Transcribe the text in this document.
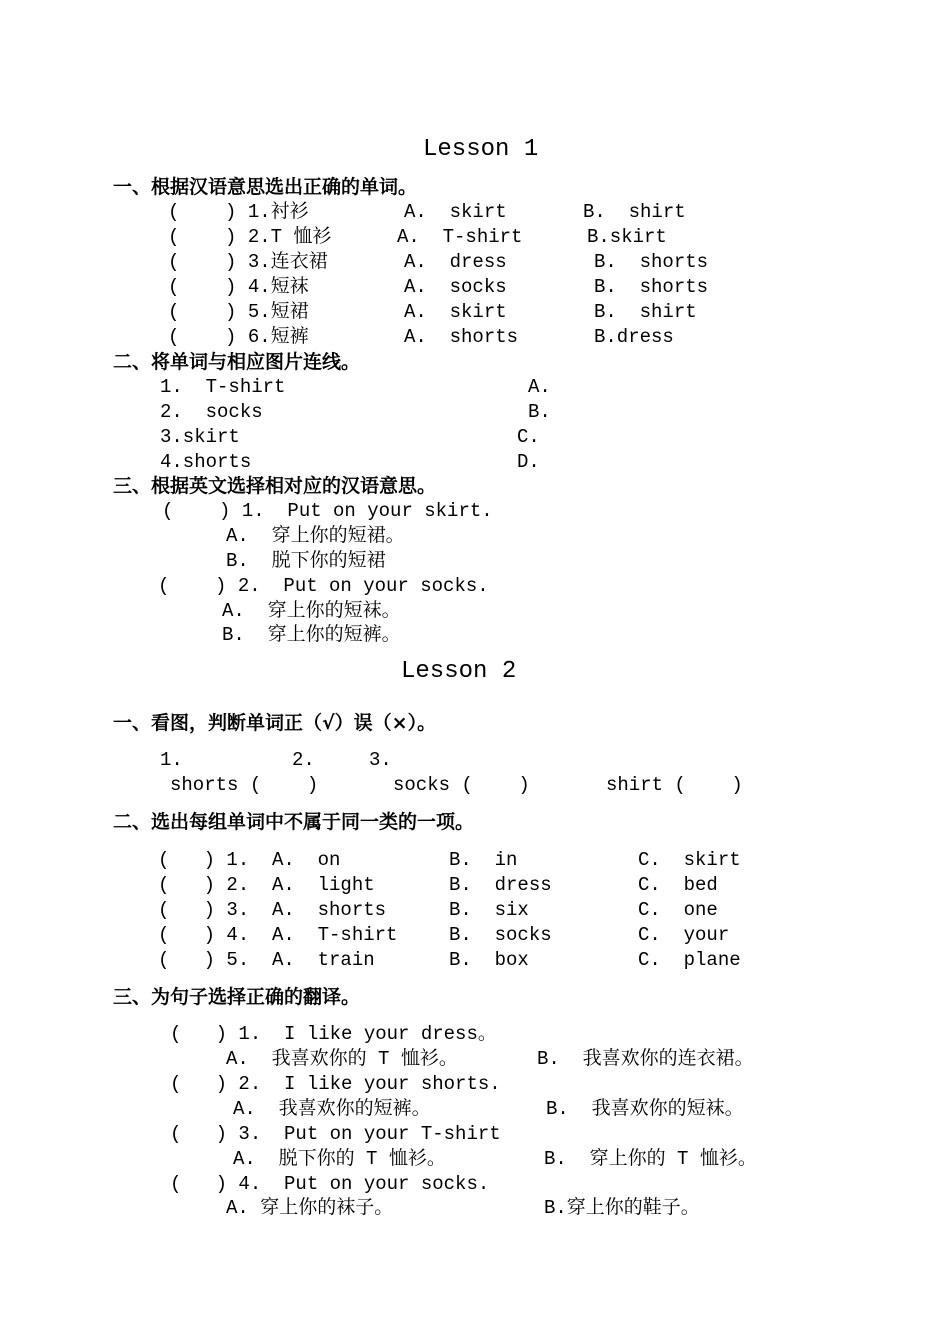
Lesson 1
一、根据汉语意思选出正确的单词。
(    ) 1.衬衫	A.  skirt	B.  shirt
(    ) 2.T 恤衫	A.  T-shirt	B.skirt
(    ) 3.连衣裙	A.  dress	B.  shorts
(    ) 4.短袜	A.  socks	B.  shorts
(    ) 5.短裙	A.  skirt	B.  shirt
(    ) 6.短裤	A.  shorts	B.dress
二、将单词与相应图片连线。
1.  T-shirt	A.
2.  socks	B.
3.skirt	C.
4.shorts	D.
三、根据英文选择相对应的汉语意思。
(    ) 1.  Put on your skirt.
A.  穿上你的短裙。
B.  脱下你的短裙
(    ) 2.  Put on your socks.
A.  穿上你的短袜。
B.  穿上你的短裤。
Lesson 2
一、看图，判断单词正（√）误（×）。
1.	2.	3.
shorts (    )	socks (    )	shirt (    )
二、选出每组单词中不属于同一类的一项。
(   ) 1.  A.  on	B.  in	C.  skirt
(   ) 2.  A.  light	B.  dress	C.  bed
(   ) 3.  A.  shorts	B.  six	C.  one
(   ) 4.  A.  T-shirt	B.  socks	C.  your
(   ) 5.  A.  train	B.  box	C.  plane
三、为句子选择正确的翻译。
(   ) 1.  I like your dress。
A.  我喜欢你的 T 恤衫。	B.  我喜欢你的连衣裙。
(   ) 2.  I like your shorts.
A.  我喜欢你的短裤。	B.  我喜欢你的短袜。
(   ) 3.  Put on your T-shirt
A.  脱下你的 T 恤衫。	B.  穿上你的 T 恤衫。
(   ) 4.  Put on your socks.
A. 穿上你的袜子。	B.穿上你的鞋子。
